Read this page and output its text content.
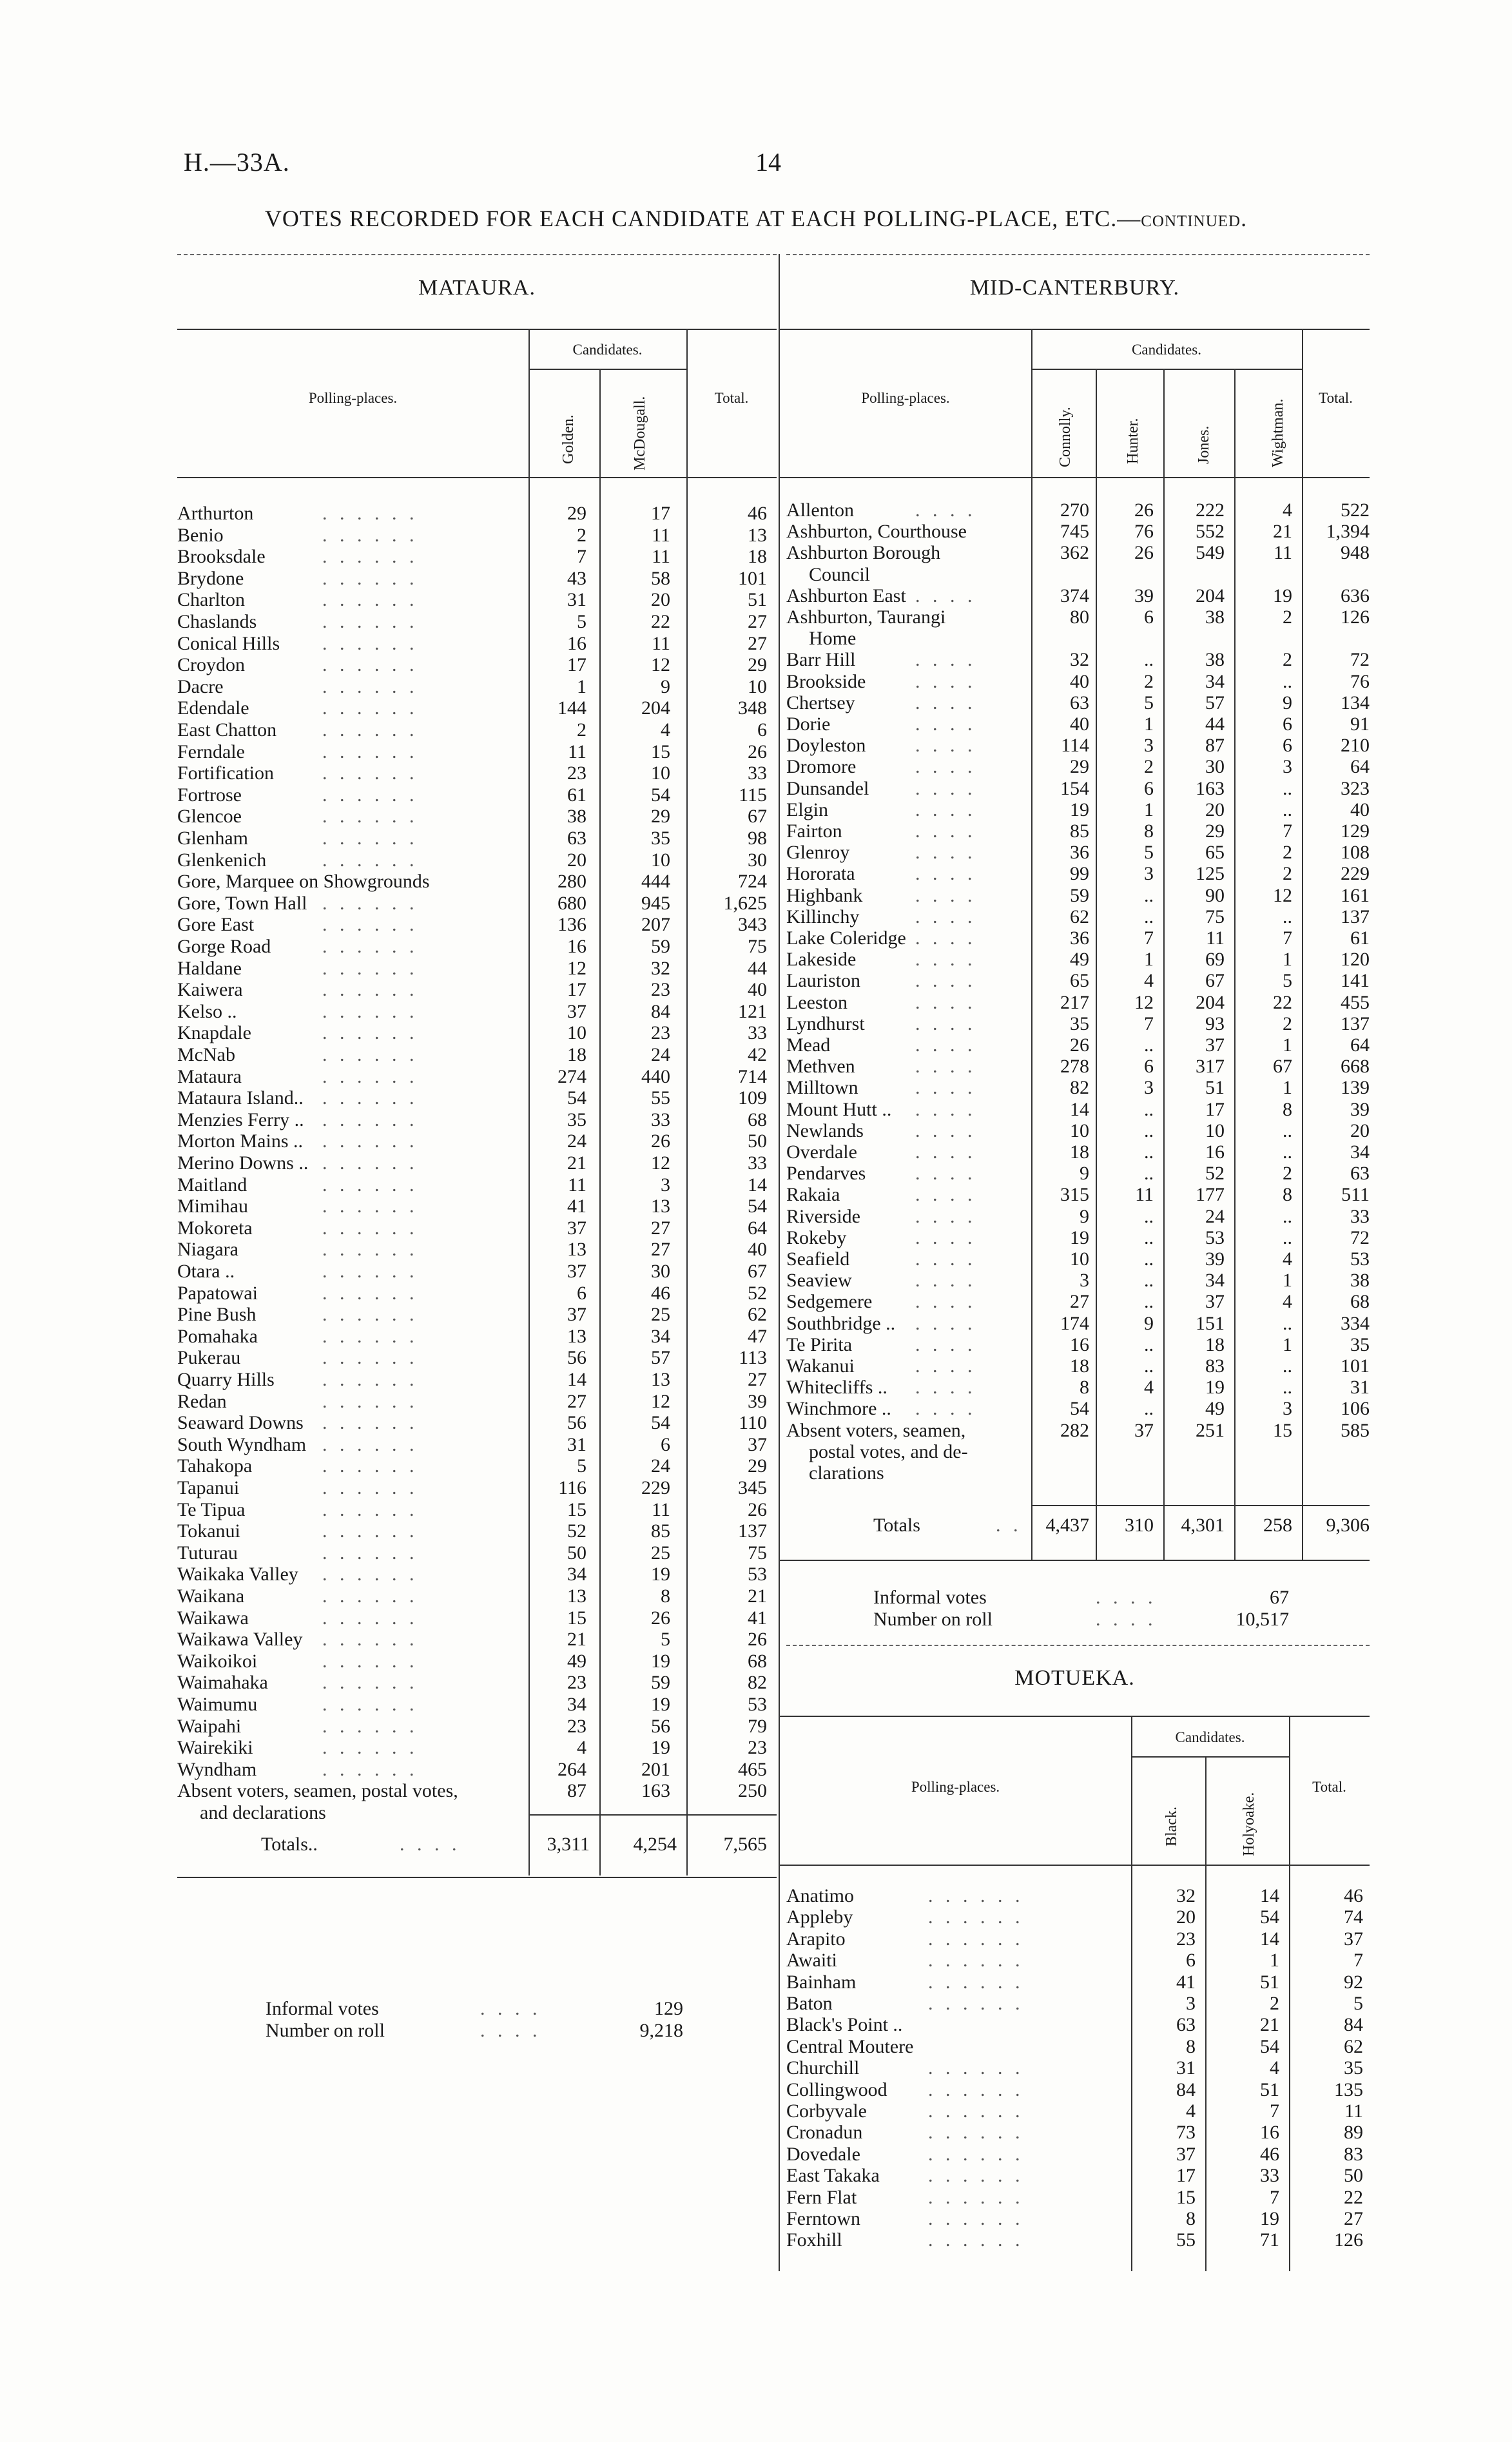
H.—33A.	14
VOTES RECORDED FOR EACH CANDIDATE AT EACH POLLING-PLACE, ETC.—continued.
MATAURA.
Polling-places.
Candidates.
Total.
Golden.	McDougall.
Arthurton	. . . . . .	29	17	46
Benio	. . . . . .	2	11	13
Brooksdale	. . . . . .	7	11	18
Brydone	. . . . . .	43	58	101
Charlton	. . . . . .	31	20	51
Chaslands	. . . . . .	5	22	27
Conical Hills . . . . . .	16	11	27
Croydon	. . . . . .	17	12	29
Dacre	. . . . . .	1	9	10
Edendale	. . . . . .	144	204	348
East Chatton . . . . . .	2	4	6
Ferndale	. . . . . .	11	15	26
Fortification	. . . . . .	23	10	33
Fortrose	. . . . . .	61	54	115
Glencoe	. . . . . .	38	29	67
Glenham	. . . . . .	63	35	98
Glenkenich	. . . . . .	20	10	30
Gore, Marquee on Showgrounds	280	444	724
Gore, Town Hall . . . . . .	680	945	1,625
Gore East	. . . . . .	136	207	343
Gorge Road	. . . . . .	16	59	75
Haldane	. . . . . .	12	32	44
Kaiwera	. . . . . .	17	23	40
Kelso ..	. . . . . .	37	84	121
Knapdale	. . . . . .	10	23	33
McNab	. . . . . .	18	24	42
Mataura	. . . . . .	274	440	714
Mataura Island.. . . . . . .	54	55	109
Menzies Ferry .. . . . . . .	35	33	68
Morton Mains .. . . . . . .	24	26	50
Merino Downs .. . . . . . .	21	12	33
Maitland	. . . . . .	11	3	14
Mimihau	. . . . . .	41	13	54
Mokoreta	. . . . . .	37	27	64
Niagara	. . . . . .	13	27	40
Otara ..	. . . . . .	37	30	67
Papatowai	. . . . . .	6	46	52
Pine Bush	. . . . . .	37	25	62
Pomahaka	. . . . . .	13	34	47
Pukerau	. . . . . .	56	57	113
Quarry Hills . . . . . .	14	13	27
Redan	. . . . . .	27	12	39
Seaward Downs . . . . . .	56	54	110
South Wyndham . . . . . .	31	6	37
Tahakopa	. . . . . .	5	24	29
Tapanui	. . . . . .	116	229	345
Te Tipua	. . . . . .	15	11	26
Tokanui	. . . . . .	52	85	137
Tuturau	. . . . . .	50	25	75
Waikaka Valley . . . . . .	34	19	53
Waikana	. . . . . .	13	8	21
Waikawa	. . . . . .	15	26	41
Waikawa Valley . . . . . .	21	5	26
Waikoikoi	. . . . . .	49	19	68
Waimahaka	. . . . . .	23	59	82
Waimumu	. . . . . .	34	19	53
Waipahi	. . . . . .	23	56	79
Wairekiki	. . . . . .	4	19	23
Wyndham	. . . . . .	264	201	465
Absent voters, seamen, postal votes,
and declarations
87	163	250
Totals..	. . . .	3,311	4,254	7,565
Informal votes	. . . .	129
Number on roll	. . . .	9,218
MID-CANTERBURY.
Polling-places.
Candidates.
Total.
Connolly.	Hunter.	Jones.	Wightman.
Allenton	. . . .	270	26	222	4	522
Ashburton, Courthouse	745	76	552	21	1,394
Ashburton Borough
Council
362	26	549	11	948
Ashburton East . . . .	374	39	204	19	636
Ashburton, Taurangi
Home
80	6	38	2	126
Barr Hill	. . . .	32	..	38	2	72
Brookside	. . . .	40	2	34	..	76
Chertsey	. . . .	63	5	57	9	134
Dorie	. . . .	40	1	44	6	91
Doyleston	. . . .	114	3	87	6	210
Dromore	. . . .	29	2	30	3	64
Dunsandel . . . .	154	6	163	..	323
Elgin	. . . .	19	1	20	..	40
Fairton	. . . .	85	8	29	7	129
Glenroy	. . . .	36	5	65	2	108
Hororata	. . . .	99	3	125	2	229
Highbank	. . . .	59	..	90	12	161
Killinchy	. . . .	62	..	75	..	137
Lake Coleridge . . . .	36	7	11	7	61
Lakeside	. . . .	49	1	69	1	120
Lauriston	. . . .	65	4	67	5	141
Leeston	. . . .	217	12	204	22	455
Lyndhurst	. . . .	35	7	93	2	137
Mead	. . . .	26	..	37	1	64
Methven	. . . .	278	6	317	67	668
Milltown	. . . .	82	3	51	1	139
Mount Hutt .. . . . .	14	..	17	8	39
Newlands	. . . .	10	..	10	..	20
Overdale	. . . .	18	..	16	..	34
Pendarves	. . . .	9	..	52	2	63
Rakaia	. . . .	315	11	177	8	511
Riverside	. . . .	9	..	24	..	33
Rokeby	. . . .	19	..	53	..	72
Seafield	. . . .	10	..	39	4	53
Seaview	. . . .	3	..	34	1	38
Sedgemere . . . .	27	..	37	4	68
Southbridge .. . . . .	174	9	151	..	334
Te Pirita	. . . .	16	..	18	1	35
Wakanui	. . . .	18	..	83	..	101
Whitecliffs .. . . . .	8	4	19	..	31
Winchmore .. . . . .	54	..	49	3	106
Absent voters, seamen,
postal votes, and de-
clarations
282	37	251	15	585
Totals	. .	4,437	310	4,301	258	9,306
Informal votes	. . . .	67
Number on roll	. . . .	10,517
MOTUEKA.
Polling-places.
Candidates.
Total.
Black.	Holyoake.
Anatimo	. . . . . .	32	14	46
Appleby	. . . . . .	20	54	74
Arapito	. . . . . .	23	14	37
Awaiti	. . . . . .	6	1	7
Bainham	. . . . . .	41	51	92
Baton	. . . . . .	3	2	5
Black's Point ..	63	21	84
Central Moutere	8	54	62
Churchill	. . . . . .	31	4	35
Collingwood . . . . . .	84	51	135
Corbyvale	. . . . . .	4	7	11
Cronadun	. . . . . .	73	16	89
Dovedale	. . . . . .	37	46	83
East Takaka	. . . . . .	17	33	50
Fern Flat	. . . . . .	15	7	22
Ferntown	. . . . . .	8	19	27
Foxhill	. . . . . .	55	71	126
